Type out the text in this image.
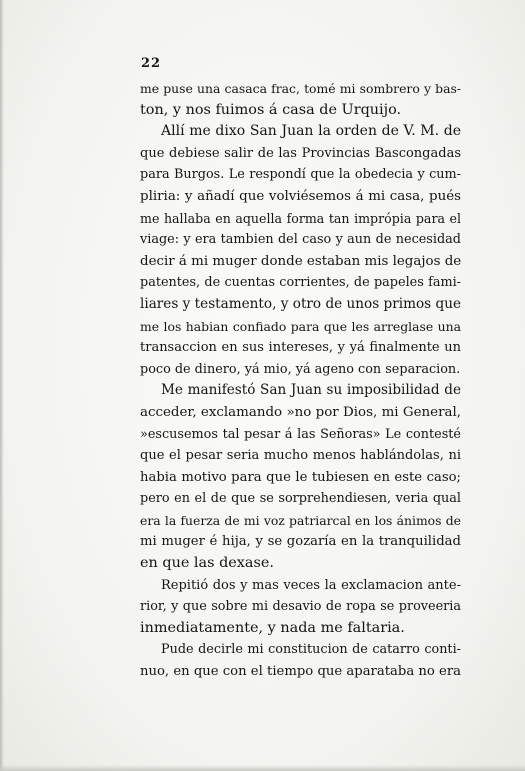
22
me puse una casaca frac, tomé mi sombrero y bas-
ton, y nos fuimos á casa de Urquijo.
Allí me dixo San Juan la orden de V. M. de
que debiese salir de las Provincias Bascongadas
para Burgos. Le respondí que la obedecia y cum-
pliria: y añadí que volviésemos á mi casa, pués
me hallaba en aquella forma tan imprópia para el
viage: y era tambien del caso y aun de necesidad
decir á mi muger donde estaban mis legajos de
patentes, de cuentas corrientes, de papeles fami-
liares y testamento, y otro de unos primos que
me los habian confiado para que les arreglase una
transaccion en sus intereses, y yá finalmente un
poco de dinero, yá mio, yá ageno con separacion.
Me manifestó San Juan su imposibilidad de
acceder, exclamando »no por Dios, mi General,
»escusemos tal pesar á las Señoras» Le contesté
que el pesar seria mucho menos hablándolas, ni
habia motivo para que le tubiesen en este caso;
pero en el de que se sorprehendiesen, veria qual
era la fuerza de mi voz patriarcal en los ánimos de
mi muger é hija, y se gozaría en la tranquilidad
en que las dexase.
Repitió dos y mas veces la exclamacion ante-
rior, y que sobre mi desavio de ropa se proveeria
inmediatamente, y nada me faltaria.
Pude decirle mi constitucion de catarro conti-
nuo, en que con el tiempo que aparataba no era
